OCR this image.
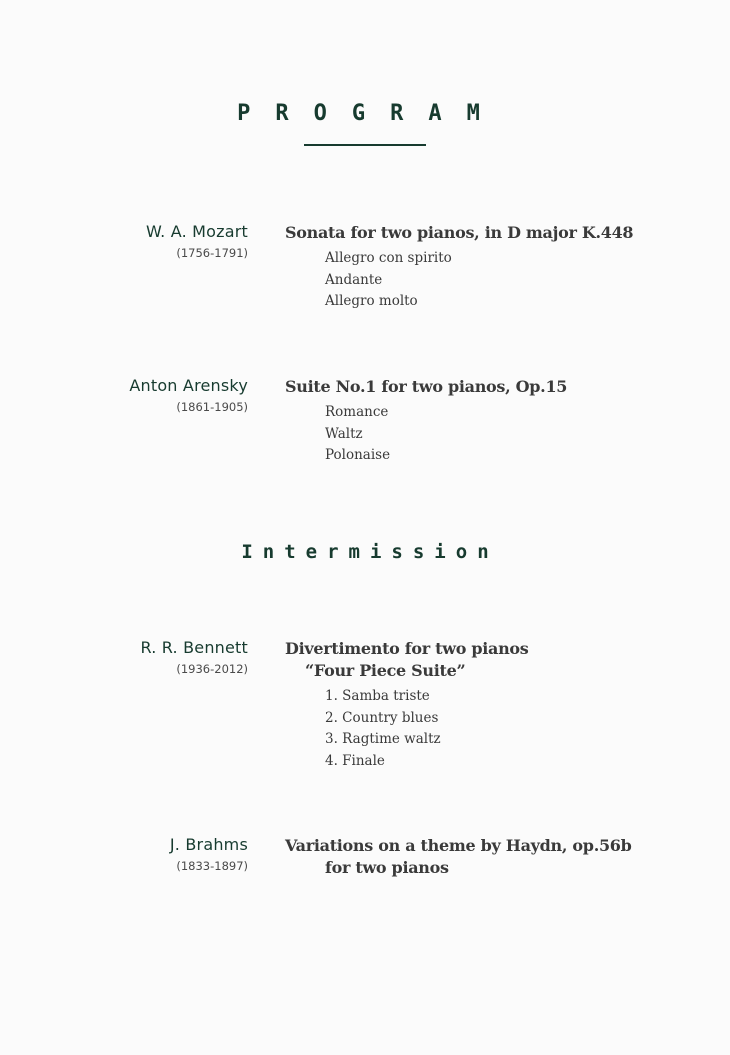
PROGRAM
W. A. Mozart
(1756-1791)
Sonata for two pianos, in D major K.448
Allegro con spirito
Andante
Allegro molto
Anton Arensky
(1861-1905)
Suite No.1 for two pianos, Op.15
Romance
Waltz
Polonaise
Intermission
R. R. Bennett
(1936-2012)
Divertimento for two pianos
“Four Piece Suite”
1. Samba triste
2. Country blues
3. Ragtime waltz
4. Finale
J. Brahms
(1833-1897)
Variations on a theme by Haydn, op.56b
for two pianos
